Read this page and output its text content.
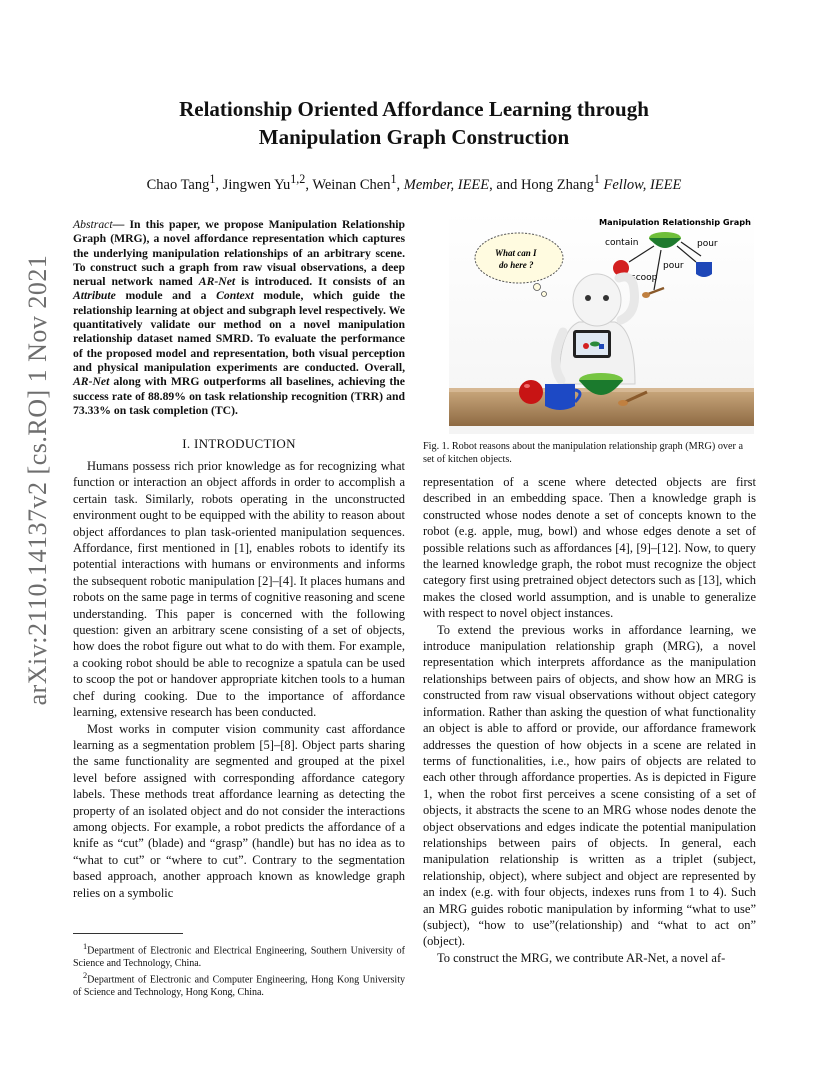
arXiv:2110.14137v2 [cs.RO] 1 Nov 2021
Relationship Oriented Affordance Learning through
Manipulation Graph Construction
Chao Tang$^1$, Jingwen Yu$^{1,2}$, Weinan Chen$^1$, Member, IEEE, and Hong Zhang$^1$ Fellow, IEEE
Abstract— In this paper, we propose Manipulation Relationship Graph (MRG), a novel affordance representation which captures the underlying manipulation relationships of an arbitrary scene. To construct such a graph from raw visual observations, a deep nerual network named AR-Net is introduced. It consists of an Attribute module and a Context module, which guide the relationship learning at object and subgraph level respectively. We quantitatively validate our method on a novel manipulation relationship dataset named SMRD. To evaluate the performance of the proposed model and representation, both visual perception and physical manipulation experiments are conducted. Overall, AR-Net along with MRG outperforms all baselines, achieving the success rate of 88.89% on task relationship recognition (TRR) and 73.33% on task completion (TC).
I. INTRODUCTION

Humans possess rich prior knowledge as for recognizing what function or interaction an object affords in order to accomplish a certain task. Similarly, robots operating in the unconstructed environment ought to be equipped with the ability to reason about object affordances to plan task-oriented manipulation sequences. Affordance, first mentioned in [1], enables robots to identify its potential interactions with humans or environments and informs the subsequent robotic manipulation [2]–[4]. It places humans and robots on the same page in terms of cognitive reasoning and scene understanding. This paper is concerned with the following question: given an arbitrary scene consisting of a set of objects, how does the robot figure out what to do with them. For example, a cooking robot should be able to recognize a spatula can be used to scoop the pot or handover appropriate kitchen tools to a human chef during cooking. Due to the importance of affordance learning, extensive research has been conducted.

Most works in computer vision community cast affordance learning as a segmentation problem [5]–[8]. Object parts sharing the same functionality are segmented and grouped at the pixel level before assigned with corresponding affordance category labels. These methods treat affordance learning as detecting the property of an isolated object and do not consider the interactions among objects. For example, a robot predicts the affordance of a knife as “cut” (blade) and “grasp” (handle) but has no idea as to “what to cut” or “where to cut”. Contrary to the segmentation based approach, another approach known as knowledge graph relies on a symbolic

$^1$Department of Electronic and Electrical Engineering, Southern University of Science and Technology, China.
$^2$Department of Electronic and Computer Engineering, Hong Kong University of Science and Technology, Hong Kong, China.
Manipulation Relationship Graph
What can I
do here ?
contain	pour
pour
scoop
Fig. 1. Robot reasons about the manipulation relationship graph (MRG) over a set of kitchen objects.

representation of a scene where detected objects are first described in an embedding space. Then a knowledge graph is constructed whose nodes denote a set of concepts known to the robot (e.g. apple, mug, bowl) and whose edges denote a set of possible relations such as affordances [4], [9]–[12]. Now, to query the learned knowledge graph, the robot must recognize the object category first using pretrained object detectors such as [13], which makes the closed world assumption, and is unable to generalize with respect to novel object instances.

To extend the previous works in affordance learning, we introduce manipulation relationship graph (MRG), a novel representation which interprets affordance as the manipulation relationships between pairs of objects, and show how an MRG is constructed from raw visual observations without object category information. Rather than asking the question of what functionality an object is able to afford or provide, our affordance framework addresses the question of how objects in a scene are related in terms of functionalities, i.e., how pairs of objects are related to each other through affordance properties. As is depicted in Figure 1, when the robot first perceives a scene consisting of a set of objects, it abstracts the scene to an MRG whose nodes denote the object observations and edges indicate the potential manipulation relationships between pairs of objects. In general, each manipulation relationship is written as a triplet (subject, relationship, object), where subject and object are represented by an index (e.g. with four objects, indexes runs from 1 to 4). Such an MRG guides robotic manipulation by informing “what to use” (subject), “how to use”(relationship) and “what to act on” (object).

To construct the MRG, we contribute AR-Net, a novel af-
